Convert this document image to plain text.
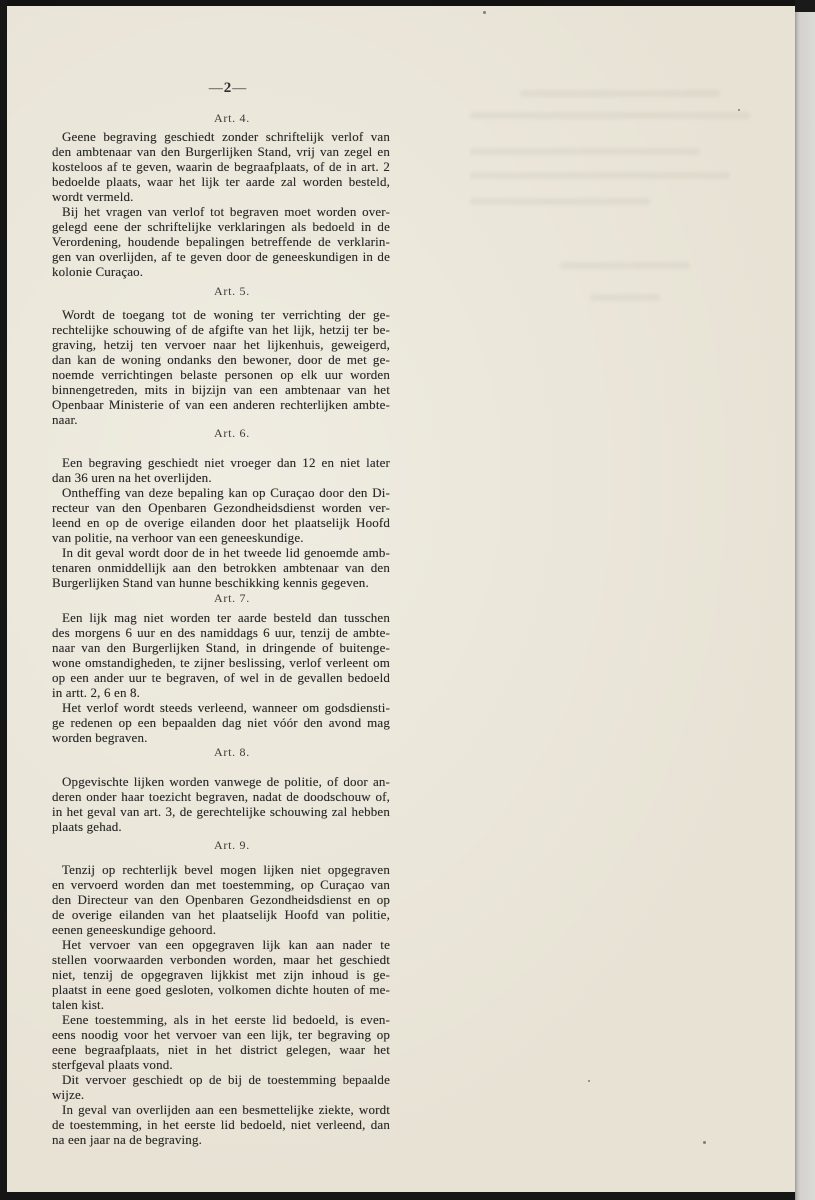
—2—
Art. 4.
Geene begraving geschiedt zonder schriftelijk verlof van
den ambtenaar van den Burgerlijken Stand, vrij van zegel en
kosteloos af te geven, waarin de begraafplaats, of de in art. 2
bedoelde plaats, waar het lijk ter aarde zal worden besteld,
wordt vermeld.
Bij het vragen van verlof tot begraven moet worden over-
gelegd eene der schriftelijke verklaringen als bedoeld in de
Verordening, houdende bepalingen betreffende de verklarin-
gen van overlijden, af te geven door de geneeskundigen in de
kolonie Curaçao.
Art. 5.
Wordt de toegang tot de woning ter verrichting der ge-
rechtelijke schouwing of de afgifte van het lijk, hetzij ter be-
graving, hetzij ten vervoer naar het lijkenhuis, geweigerd,
dan kan de woning ondanks den bewoner, door de met ge-
noemde verrichtingen belaste personen op elk uur worden
binnengetreden, mits in bijzijn van een ambtenaar van het
Openbaar Ministerie of van een anderen rechterlijken ambte-
naar.
Art. 6.
Een begraving geschiedt niet vroeger dan 12 en niet later
dan 36 uren na het overlijden.
Ontheffing van deze bepaling kan op Curaçao door den Di-
recteur van den Openbaren Gezondheidsdienst worden ver-
leend en op de overige eilanden door het plaatselijk Hoofd
van politie, na verhoor van een geneeskundige.
In dit geval wordt door de in het tweede lid genoemde amb-
tenaren onmiddellijk aan den betrokken ambtenaar van den
Burgerlijken Stand van hunne beschikking kennis gegeven.
Art. 7.
Een lijk mag niet worden ter aarde besteld dan tusschen
des morgens 6 uur en des namiddags 6 uur, tenzij de ambte-
naar van den Burgerlijken Stand, in dringende of buitenge-
wone omstandigheden, te zijner beslissing, verlof verleent om
op een ander uur te begraven, of wel in de gevallen bedoeld
in artt. 2, 6 en 8.
Het verlof wordt steeds verleend, wanneer om godsdiensti-
ge redenen op een bepaalden dag niet vóór den avond mag
worden begraven.
Art. 8.
Opgevischte lijken worden vanwege de politie, of door an-
deren onder haar toezicht begraven, nadat de doodschouw of,
in het geval van art. 3, de gerechtelijke schouwing zal hebben
plaats gehad.
Art. 9.
Tenzij op rechterlijk bevel mogen lijken niet opgegraven
en vervoerd worden dan met toestemming, op Curaçao van
den Directeur van den Openbaren Gezondheidsdienst en op
de overige eilanden van het plaatselijk Hoofd van politie,
eenen geneeskundige gehoord.
Het vervoer van een opgegraven lijk kan aan nader te
stellen voorwaarden verbonden worden, maar het geschiedt
niet, tenzij de opgegraven lijkkist met zijn inhoud is ge-
plaatst in eene goed gesloten, volkomen dichte houten of me-
talen kist.
Eene toestemming, als in het eerste lid bedoeld, is even-
eens noodig voor het vervoer van een lijk, ter begraving op
eene begraafplaats, niet in het district gelegen, waar het
sterfgeval plaats vond.
Dit vervoer geschiedt op de bij de toestemming bepaalde
wijze.
In geval van overlijden aan een besmettelijke ziekte, wordt
de toestemming, in het eerste lid bedoeld, niet verleend, dan
na een jaar na de begraving.
